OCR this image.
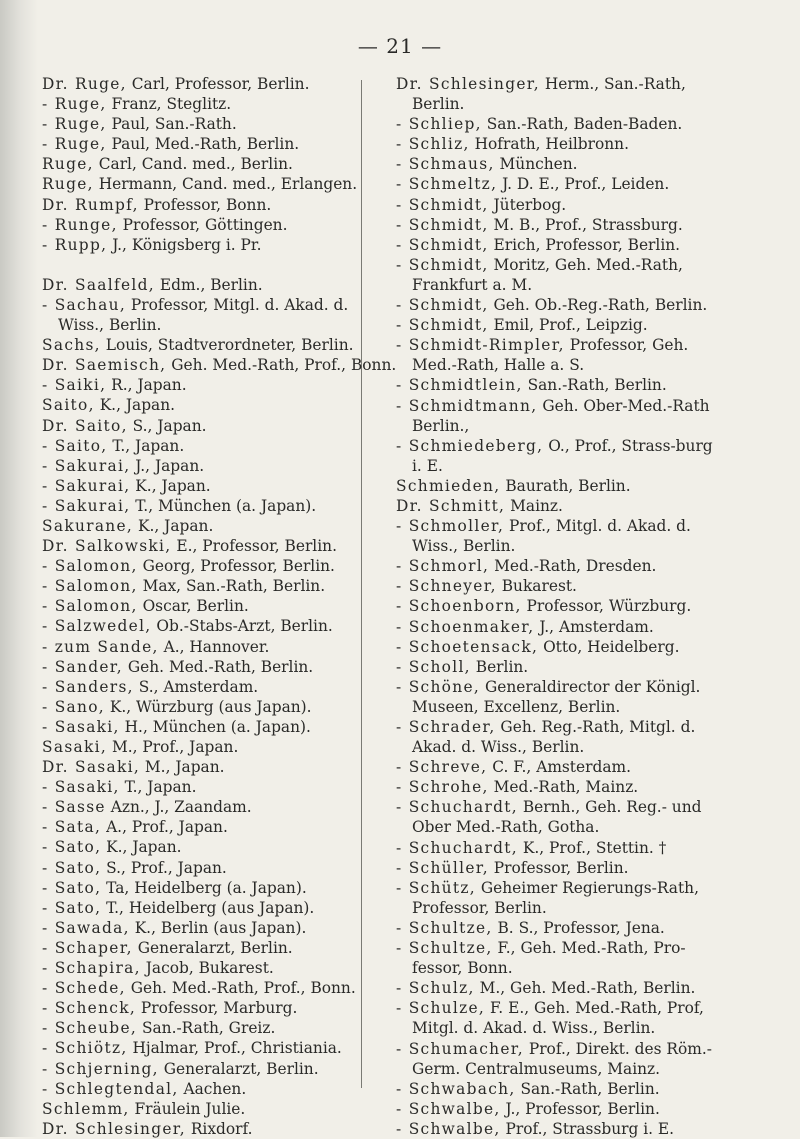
— 21 —

Dr. Ruge, Carl, Professor, Berlin.

- Ruge, Franz, Steglitz.

- Ruge, Paul, San.-Rath.

- Ruge, Paul, Med.-Rath, Berlin.

Ruge, Carl, Cand. med., Berlin.

Ruge, Hermann, Cand. med., Erlangen.

Dr. Rumpf, Professor, Bonn.

- Runge, Professor, Göttingen.

- Rupp, J., Königsberg i. Pr.

Dr. Saalfeld, Edm., Berlin.

- Sachau, Professor, Mitgl. d. Akad. d. Wiss., Berlin.

Sachs, Louis, Stadtverordneter, Berlin.

Dr. Saemisch, Geh. Med.-Rath, Prof., Bonn.

- Saiki, R., Japan.

Saito, K., Japan.

Dr. Saito, S., Japan.

- Saito, T., Japan.

- Sakurai, J., Japan.

- Sakurai, K., Japan.

- Sakurai, T., München (a. Japan).

Sakurane, K., Japan.

Dr. Salkowski, E., Professor, Berlin.

- Salomon, Georg, Professor, Berlin.

- Salomon, Max, San.-Rath, Berlin.

- Salomon, Oscar, Berlin.

- Salzwedel, Ob.-Stabs-Arzt, Berlin.

- zum Sande, A., Hannover.

- Sander, Geh. Med.-Rath, Berlin.

- Sanders, S., Amsterdam.

- Sano, K., Würzburg (aus Japan).

- Sasaki, H., München (a. Japan).

Sasaki, M., Prof., Japan.

Dr. Sasaki, M., Japan.

- Sasaki, T., Japan.

- Sasse Azn., J., Zaandam.

- Sata, A., Prof., Japan.

- Sato, K., Japan.

- Sato, S., Prof., Japan.

- Sato, Ta, Heidelberg (a. Japan).

- Sato, T., Heidelberg (aus Japan).

- Sawada, K., Berlin (aus Japan).

- Schaper, Generalarzt, Berlin.

- Schapira, Jacob, Bukarest.

- Schede, Geh. Med.-Rath, Prof., Bonn.

- Schenck, Professor, Marburg.

- Scheube, San.-Rath, Greiz.

- Schiötz, Hjalmar, Prof., Christiania.

- Schjerning, Generalarzt, Berlin.

- Schlegtendal, Aachen.

Schlemm, Fräulein Julie.

Dr. Schlesinger, Rixdorf.

Dr. Schlesinger, Herm., San.-Rath, Berlin.

- Schliep, San.-Rath, Baden-Baden.

- Schliz, Hofrath, Heilbronn.

- Schmaus, München.

- Schmeltz, J. D. E., Prof., Leiden.

- Schmidt, Jüterbog.

- Schmidt, M. B., Prof., Strassburg.

- Schmidt, Erich, Professor, Berlin.

- Schmidt, Moritz, Geh. Med.-Rath, Frankfurt a. M.

- Schmidt, Geh. Ob.-Reg.-Rath, Berlin.

- Schmidt, Emil, Prof., Leipzig.

- Schmidt-Rimpler, Professor, Geh. Med.-Rath, Halle a. S.

- Schmidtlein, San.-Rath, Berlin.

- Schmidtmann, Geh. Ober-Med.-Rath Berlin.,

- Schmiedeberg, O., Prof., Strass-burg i. E.

Schmieden, Baurath, Berlin.

Dr. Schmitt, Mainz.

- Schmoller, Prof., Mitgl. d. Akad. d. Wiss., Berlin.

- Schmorl, Med.-Rath, Dresden.

- Schneyer, Bukarest.

- Schoenborn, Professor, Würzburg.

- Schoenmaker, J., Amsterdam.

- Schoetensack, Otto, Heidelberg.

- Scholl, Berlin.

- Schöne, Generaldirector der Königl. Museen, Excellenz, Berlin.

- Schrader, Geh. Reg.-Rath, Mitgl. d. Akad. d. Wiss., Berlin.

- Schreve, C. F., Amsterdam.

- Schrohe, Med.-Rath, Mainz.

- Schuchardt, Bernh., Geh. Reg.- und Ober Med.-Rath, Gotha.

- Schuchardt, K., Prof., Stettin. †

- Schüller, Professor, Berlin.

- Schütz, Geheimer Regierungs-Rath, Professor, Berlin.

- Schultze, B. S., Professor, Jena.

- Schultze, F., Geh. Med.-Rath, Pro-fessor, Bonn.

- Schulz, M., Geh. Med.-Rath, Berlin.

- Schulze, F. E., Geh. Med.-Rath, Prof, Mitgl. d. Akad. d. Wiss., Berlin.

- Schumacher, Prof., Direkt. des Röm.-Germ. Centralmuseums, Mainz.

- Schwabach, San.-Rath, Berlin.

- Schwalbe, J., Professor, Berlin.

- Schwalbe, Prof., Strassburg i. E.
